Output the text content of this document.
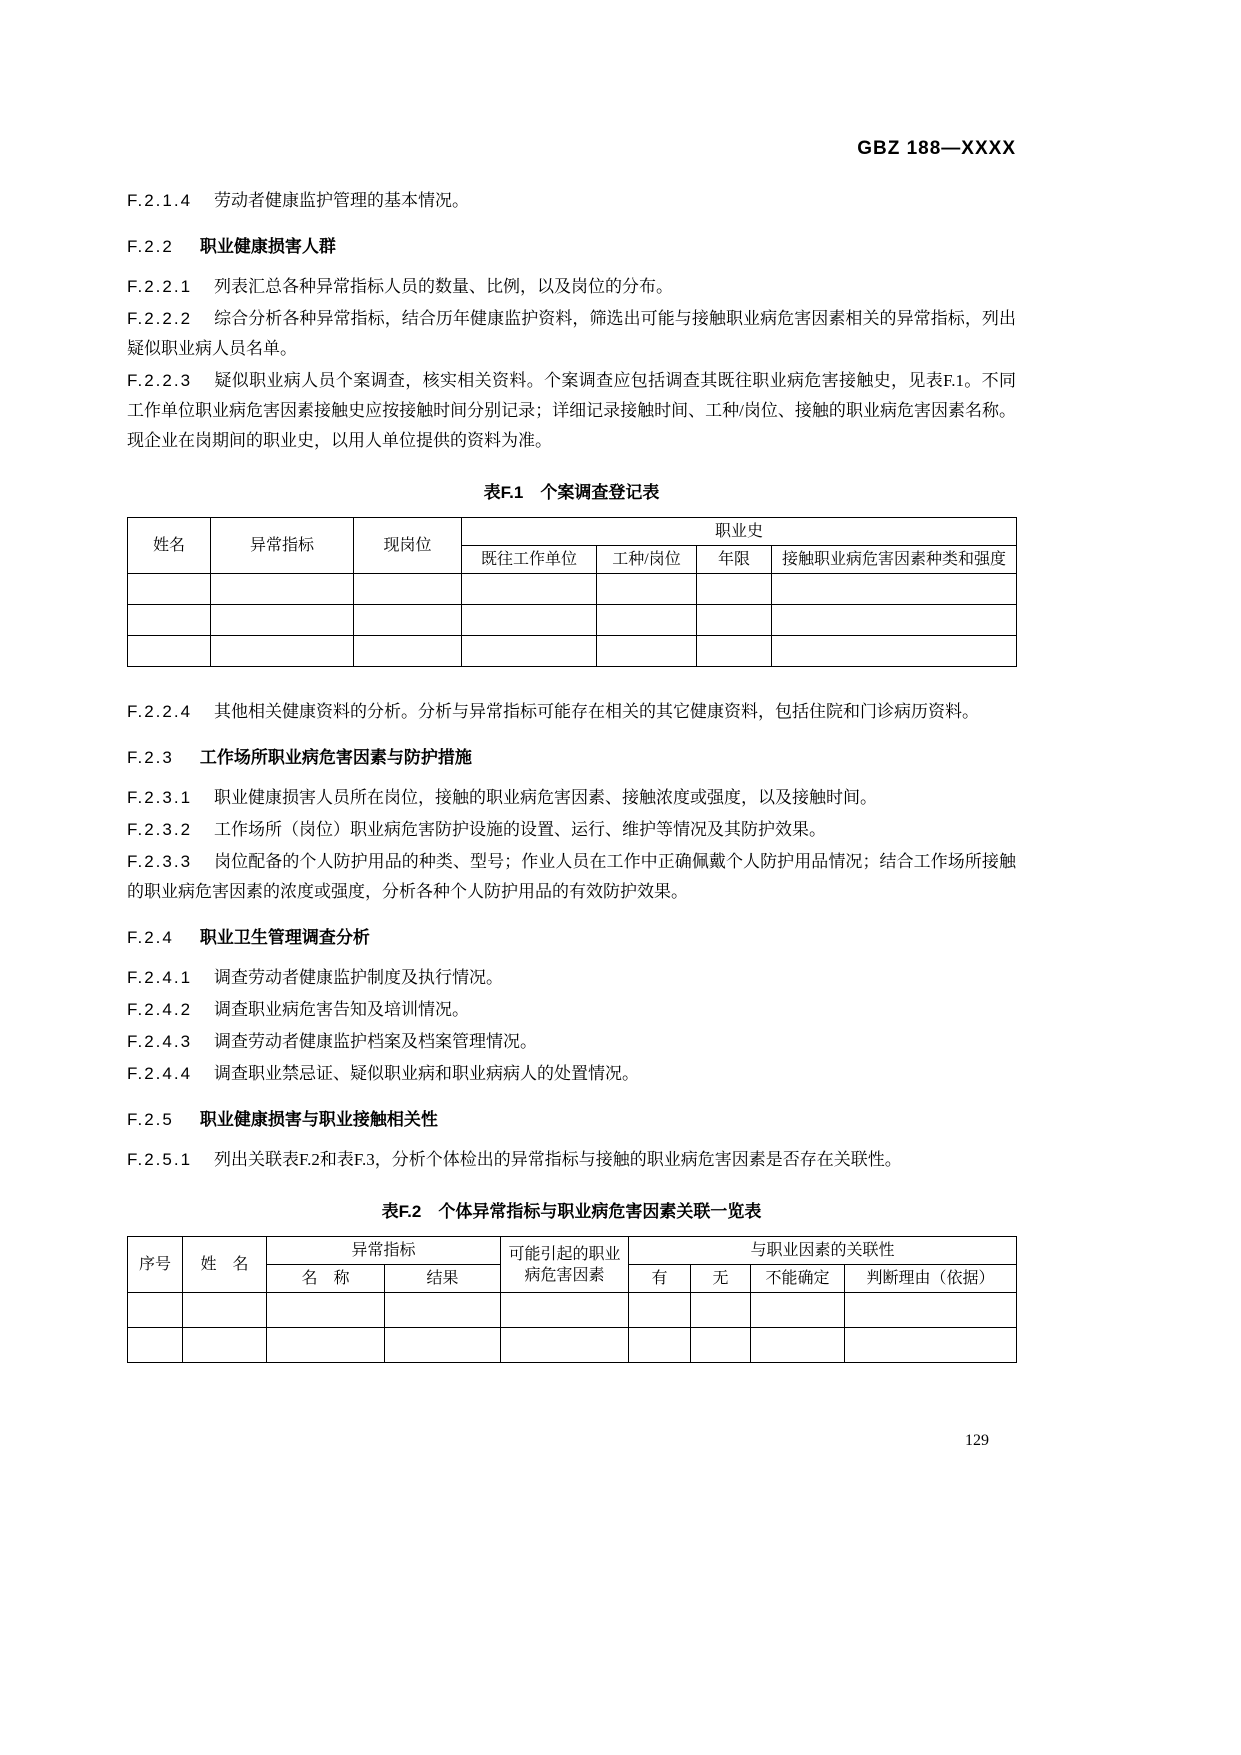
GBZ 188—XXXX

F.2.1.4 劳动者健康监护管理的基本情况。

F.2.2 职业健康损害人群

F.2.2.1 列表汇总各种异常指标人员的数量、比例，以及岗位的分布。

F.2.2.2 综合分析各种异常指标，结合历年健康监护资料，筛选出可能与接触职业病危害因素相关的异常指标，列出疑似职业病人员名单。

F.2.2.3 疑似职业病人员个案调查，核实相关资料。个案调查应包括调查其既往职业病危害接触史，见表F.1。不同工作单位职业病危害因素接触史应按接触时间分别记录；详细记录接触时间、工种/岗位、接触的职业病危害因素名称。现企业在岗期间的职业史，以用人单位提供的资料为准。

表F.1　个案调查登记表
姓名	异常指标	现岗位	职业史			
			既往工作单位	工种/岗位	年限	接触职业病危害因素种类和强度

F.2.2.4 其他相关健康资料的分析。分析与异常指标可能存在相关的其它健康资料，包括住院和门诊病历资料。

F.2.3 工作场所职业病危害因素与防护措施

F.2.3.1 职业健康损害人员所在岗位，接触的职业病危害因素、接触浓度或强度，以及接触时间。

F.2.3.2 工作场所（岗位）职业病危害防护设施的设置、运行、维护等情况及其防护效果。

F.2.3.3 岗位配备的个人防护用品的种类、型号；作业人员在工作中正确佩戴个人防护用品情况；结合工作场所接触的职业病危害因素的浓度或强度，分析各种个人防护用品的有效防护效果。

F.2.4 职业卫生管理调查分析

F.2.4.1 调查劳动者健康监护制度及执行情况。

F.2.4.2 调查职业病危害告知及培训情况。

F.2.4.3 调查劳动者健康监护档案及档案管理情况。

F.2.4.4 调查职业禁忌证、疑似职业病和职业病病人的处置情况。

F.2.5 职业健康损害与职业接触相关性

F.2.5.1 列出关联表F.2和表F.3，分析个体检出的异常指标与接触的职业病危害因素是否存在关联性。

表F.2　个体异常指标与职业病危害因素关联一览表
序号	姓　名	异常指标		可能引起的职业病危害因素	与职业因素的关联性			
		名　称	结果		有	无	不能确定	判断理由（依据）

129
